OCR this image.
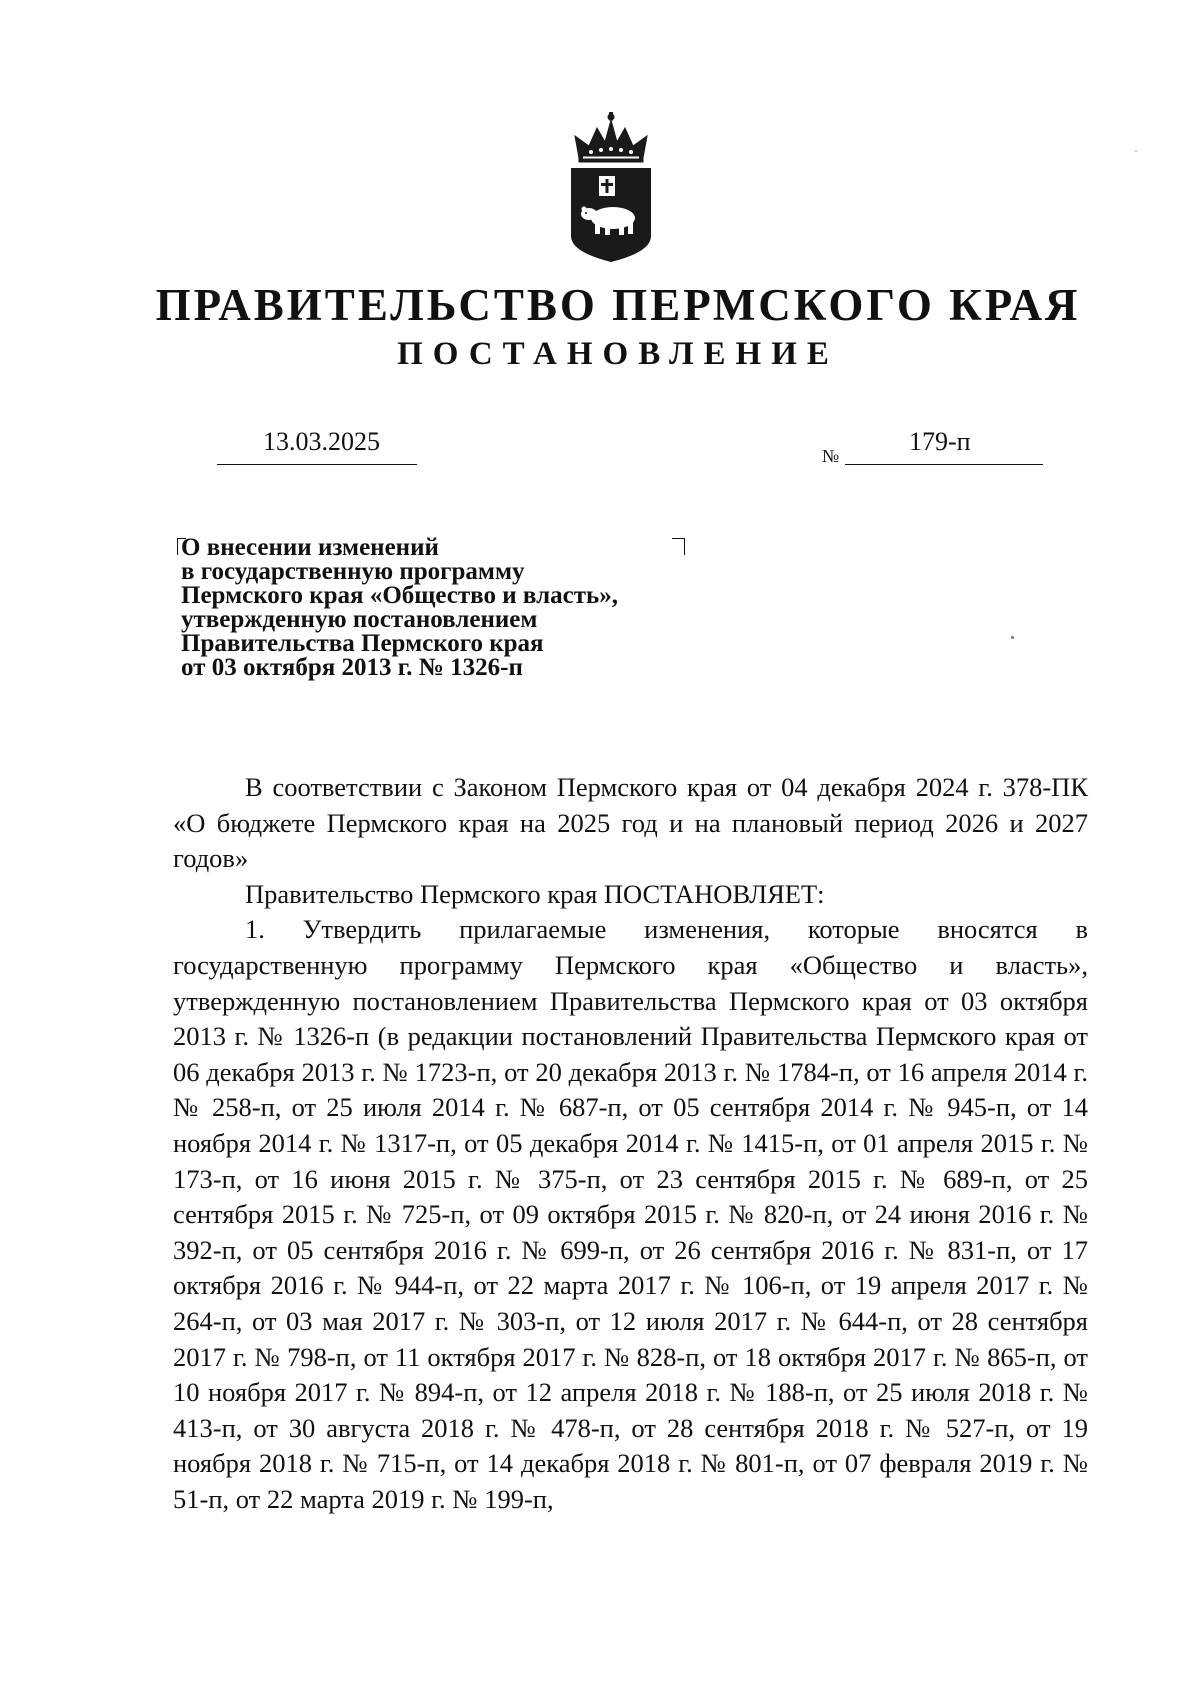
ПРАВИТЕЛЬСТВО ПЕРМСКОГО КРАЯ
ПОСТАНОВЛЕНИЕ
13.03.2025	№	179-п
О внесении изменений
в государственную программу
Пермского края «Общество и власть»,
утвержденную постановлением
Правительства Пермского края
от 03 октября 2013 г. № 1326-п

В соответствии с Законом Пермского края от 04 декабря 2024 г. 378-ПК «О бюджете Пермского края на 2025 год и на плановый период 2026 и 2027 годов»

Правительство Пермского края ПОСТАНОВЛЯЕТ:

1. Утвердить прилагаемые изменения, которые вносятся в государственную программу Пермского края «Общество и власть», утвержденную постановлением Правительства Пермского края от 03 октября 2013 г. № 1326-п (в редакции постановлений Правительства Пермского края от 06 декабря 2013 г. № 1723-п, от 20 декабря 2013 г. № 1784-п, от 16 апреля 2014 г. № 258-п, от 25 июля 2014 г. № 687-п, от 05 сентября 2014 г. № 945-п, от 14 ноября 2014 г. № 1317-п, от 05 декабря 2014 г. № 1415-п, от 01 апреля 2015 г. № 173-п, от 16 июня 2015 г. № 375-п, от 23 сентября 2015 г. № 689-п, от 25 сентября 2015 г. № 725-п, от 09 октября 2015 г. № 820-п, от 24 июня 2016 г. № 392-п, от 05 сентября 2016 г. № 699-п, от 26 сентября 2016 г. № 831-п, от 17 октября 2016 г. № 944-п, от 22 марта 2017 г. № 106-п, от 19 апреля 2017 г. № 264-п, от 03 мая 2017 г. № 303-п, от 12 июля 2017 г. № 644-п, от 28 сентября 2017 г. № 798-п, от 11 октября 2017 г. № 828-п, от 18 октября 2017 г. № 865-п, от 10 ноября 2017 г. № 894-п, от 12 апреля 2018 г. № 188-п, от 25 июля 2018 г. № 413-п, от 30 августа 2018 г. № 478-п, от 28 сентября 2018 г. № 527-п, от 19 ноября 2018 г. № 715-п, от 14 декабря 2018 г. № 801-п, от 07 февраля 2019 г. № 51-п, от 22 марта 2019 г. № 199-п,
